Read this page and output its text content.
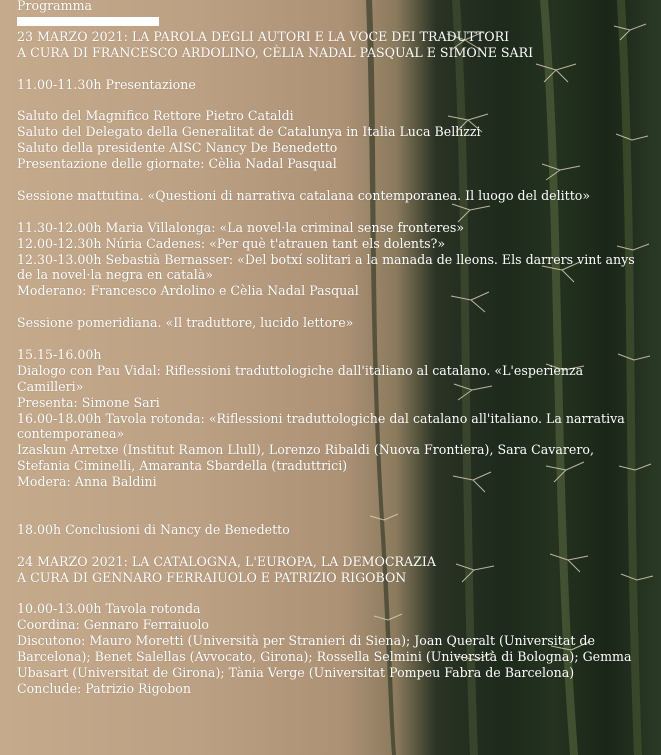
Programma
23 MARZO 2021: LA PAROLA DEGLI AUTORI E LA VOCE DEI TRADUTTORI
A CURA DI FRANCESCO ARDOLINO, CÈLIA NADAL PASQUAL E SIMONE SARI
11.00-11.30h Presentazione
Saluto del Magnifico Rettore Pietro Cataldi
Saluto del Delegato della Generalitat de Catalunya in Italia Luca Bellizzi
Saluto della presidente AISC Nancy De Benedetto
Presentazione delle giornate: Cèlia Nadal Pasqual
Sessione mattutina. «Questioni di narrativa catalana contemporanea. Il luogo del delitto»
11.30-12.00h Maria Villalonga: «La novel·la criminal sense fronteres»
12.00-12.30h Núria Cadenes: «Per què t'atrauen tant els dolents?»
12.30-13.00h Sebastià Bernasser: «Del botxí solitari a la manada de lleons. Els darrers vint anys
de la novel·la negra en català»
Moderano: Francesco Ardolino e Cèlia Nadal Pasqual
Sessione pomeridiana. «Il traduttore, lucido lettore»
15.15-16.00h
Dialogo con Pau Vidal: Riflessioni traduttologiche dall'italiano al catalano. «L'esperienza
Camilleri»
Presenta: Simone Sari
16.00-18.00h Tavola rotonda: «Riflessioni traduttologiche dal catalano all'italiano. La narrativa
contemporanea»
Izaskun Arretxe (Institut Ramon Llull), Lorenzo Ribaldi (Nuova Frontiera), Sara Cavarero,
Stefania Ciminelli, Amaranta Sbardella (traduttrici)
Modera: Anna Baldini
18.00h Conclusioni di Nancy de Benedetto
24 MARZO 2021: LA CATALOGNA, L'EUROPA, LA DEMOCRAZIA
A CURA DI GENNARO FERRAIUOLO E PATRIZIO RIGOBON
10.00-13.00h Tavola rotonda
Coordina: Gennaro Ferraiuolo
Discutono: Mauro Moretti (Università per Stranieri di Siena); Joan Queralt (Universitat de
Barcelona); Benet Salellas (Avvocato, Girona); Rossella Selmini (Università di Bologna); Gemma
Ubasart (Universitat de Girona); Tània Verge (Universitat Pompeu Fabra de Barcelona)
Conclude: Patrizio Rigobon
